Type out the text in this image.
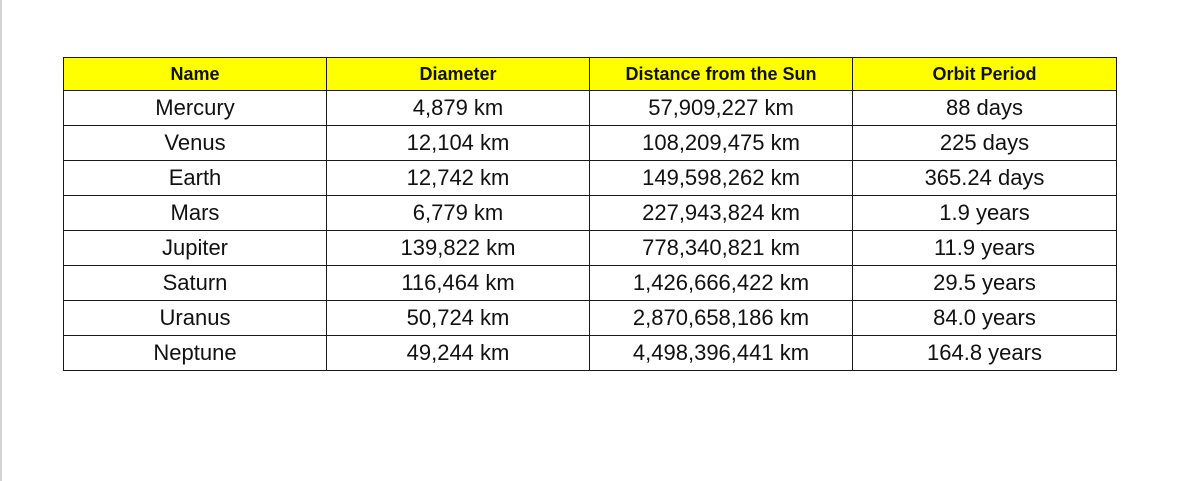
Name	Diameter	Distance from the Sun	Orbit Period
Mercury	4,879 km	57,909,227 km	88 days
Venus	12,104 km	108,209,475 km	225 days
Earth	12,742 km	149,598,262 km	365.24 days
Mars	6,779 km	227,943,824 km	1.9 years
Jupiter	139,822 km	778,340,821 km	11.9 years
Saturn	116,464 km	1,426,666,422 km	29.5 years
Uranus	50,724 km	2,870,658,186 km	84.0 years
Neptune	49,244 km	4,498,396,441 km	164.8 years
